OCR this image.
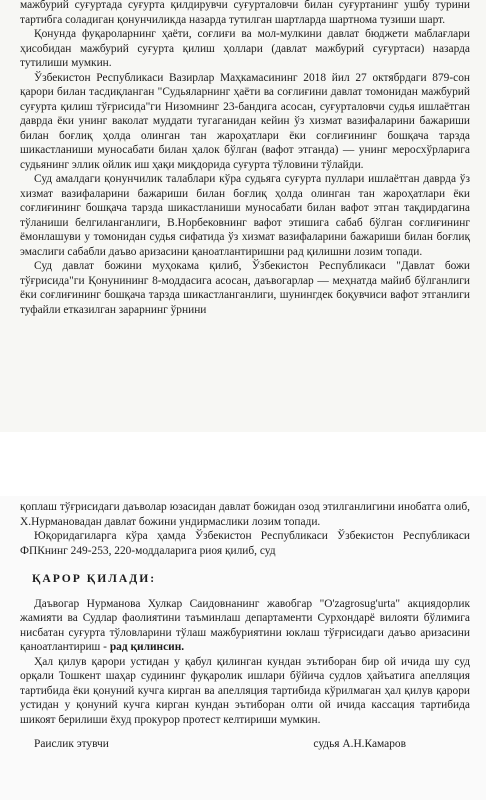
мажбурий суғуртада суғурта қилдирувчи суғурталовчи билан суғуртанинг ушбу турини тартибга соладиган қонунчиликда назарда тутилган шартларда шартнома тузиши шарт.

Қонунда фуқароларнинг ҳаёти, соғлиғи ва мол-мулкини давлат бюджети маблағлари ҳисобидан мажбурий суғурта қилиш ҳоллари (давлат мажбурий суғуртаси) назарда тутилиши мумкин.

Ўзбекистон Республикаси Вазирлар Маҳкамасининг 2018 йил 27 октябрдаги 879-сон қарори билан тасдиқланган "Судьяларнинг ҳаёти ва соғлиғини давлат томонидан мажбурий суғурта қилиш тўғрисида"ги Низомнинг 23-бандига асосан, суғурталовчи судья ишлаётган даврда ёки унинг ваколат муддати тугаганидан кейин ўз хизмат вазифаларини бажариши билан боғлиқ ҳолда олинган тан жароҳатлари ёки соғлиғининг бошқача тарзда шикастланиши муносабати билан ҳалок бўлган (вафот этганда) — унинг меросхўрларига судьянинг эллик ойлик иш ҳақи миқдорида суғурта тўловини тўлайди.

Суд амалдаги қонунчилик талаблари кўра судьяга суғурта пуллари ишлаётган даврда ўз хизмат вазифаларини бажариши билан боғлиқ ҳолда олинган тан жароҳатлари ёки соғлиғининг бошқача тарзда шикастланиши муносабати билан вафот этган тақдирдагина тўланиши белгиланганлиги, В.Норбековнинг вафот этишига сабаб бўлган соғлиғининг ёмонлашуви у томонидан судья сифатида ўз хизмат вазифаларини бажариши билан боғлиқ эмаслиги сабабли даъво аризасини қаноатлантиришни рад қилишни лозим топади.

Суд давлат божини муҳокама қилиб, Ўзбекистон Республикаси "Давлат божи тўғрисида"ги Қонунининг 8-моддасига асосан, даъвогарлар — меҳнатда майиб бўлганлиги ёки соғлиғининг бошқача тарзда шикастланганлиги, шунингдек боқувчиси вафот этганлиги туфайли етказилган зарарнинг ўрнини

қоплаш тўғрисидаги даъволар юзасидан давлат божидан озод этилганлигини инобатга олиб, Х.Нурмановадан давлат божини ундирмаслики лозим топади.

Юқоридагиларга кўра ҳамда Ўзбекистон Республикаси Ўзбекистон Республикаси ФПКнинг 249-253, 220-моддаларига риоя қилиб, суд

ҚАРОР ҚИЛАДИ:

Даъвогар Нурманова Хулкар Саидовнанинг жавобгар "O'zagrosug'urta" акциядорлик жамияти ва Судлар фаолиятини таъминлаш департаменти Сурхондарё вилояти бўлимига нисбатан суғурта тўловларини тўлаш мажбуриятини юклаш тўғрисидаги даъво аризасини қаноатлантириш - рад қилинсин.

Ҳал қилув қарори устидан у қабул қилинган кундан эътиборан бир ой ичида шу суд орқали Тошкент шаҳар судининг фуқаролик ишлари бўйича судлов ҳайъатига апелляция тартибида ёки қонуний кучга кирган ва апелляция тартибида кўрилмаган ҳал қилув қарори устидан у қонуний кучга кирган кундан эътиборан олти ой ичида кассация тартибида шикоят берилиши ёхуд прокурор протест келтириши мумкин.

Раислик этувчи	судья А.Н.Камаров
